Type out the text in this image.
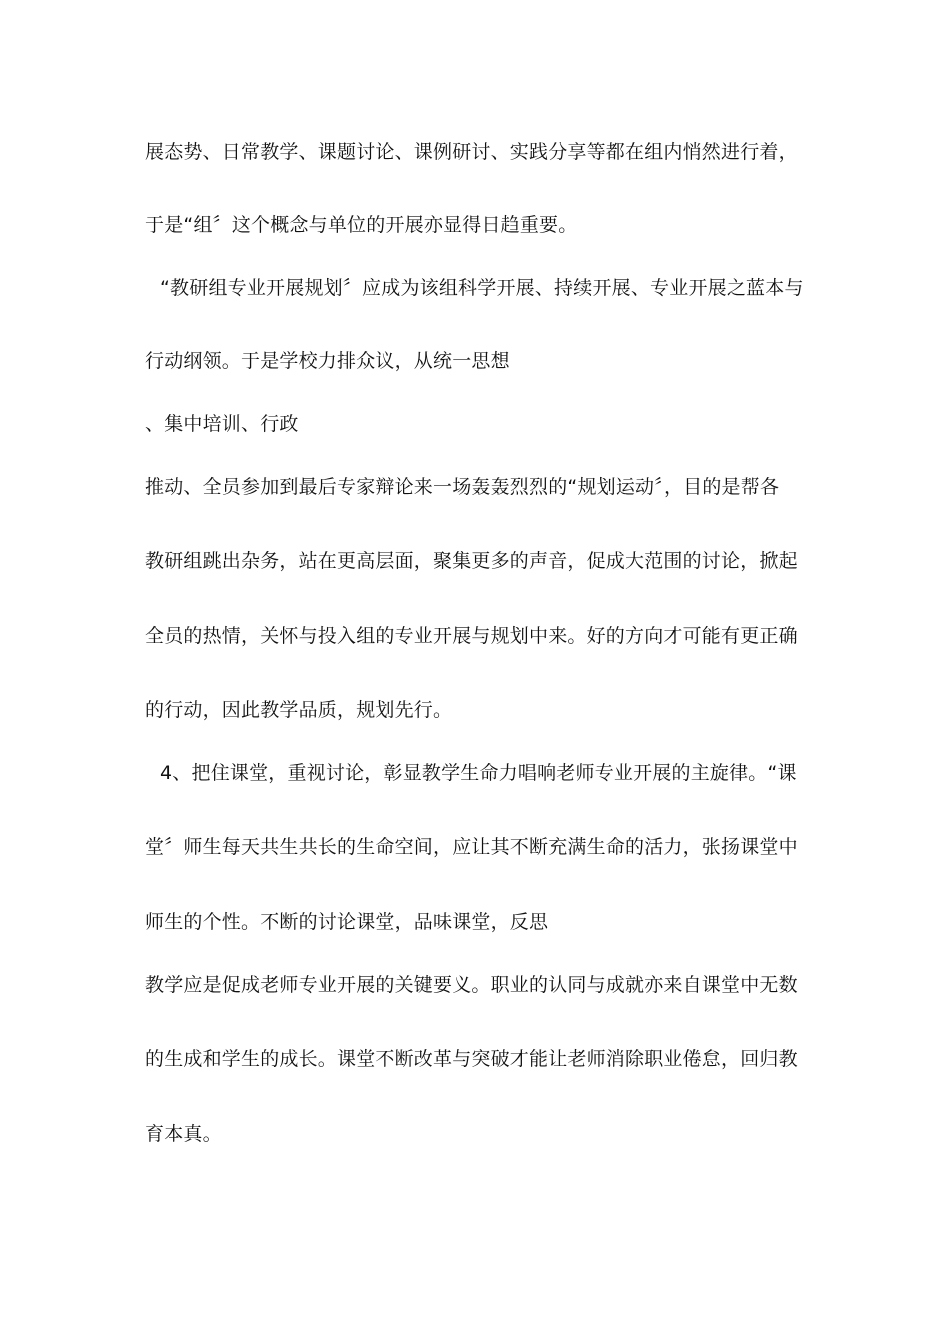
展态势、日常教学、课题讨论、课例研讨、实践分享等都在组内悄然进行着，
于是“组〞这个概念与单位的开展亦显得日趋重要。
“教研组专业开展规划〞应成为该组科学开展、持续开展、专业开展之蓝本与
行动纲领。于是学校力排众议，从统一思想
、集中培训、行政
推动、全员参加到最后专家辩论来一场轰轰烈烈的“规划运动〞，目的是帮各
教研组跳出杂务，站在更高层面，聚集更多的声音，促成大范围的讨论，掀起
全员的热情，关怀与投入组的专业开展与规划中来。好的方向才可能有更正确
的行动，因此教学品质，规划先行。
4、把住课堂，重视讨论，彰显教学生命力唱响老师专业开展的主旋律。“课
堂〞师生每天共生共长的生命空间，应让其不断充满生命的活力，张扬课堂中
师生的个性。不断的讨论课堂，品味课堂，反思
教学应是促成老师专业开展的关键要义。职业的认同与成就亦来自课堂中无数
的生成和学生的成长。课堂不断改革与突破才能让老师消除职业倦怠，回归教
育本真。
